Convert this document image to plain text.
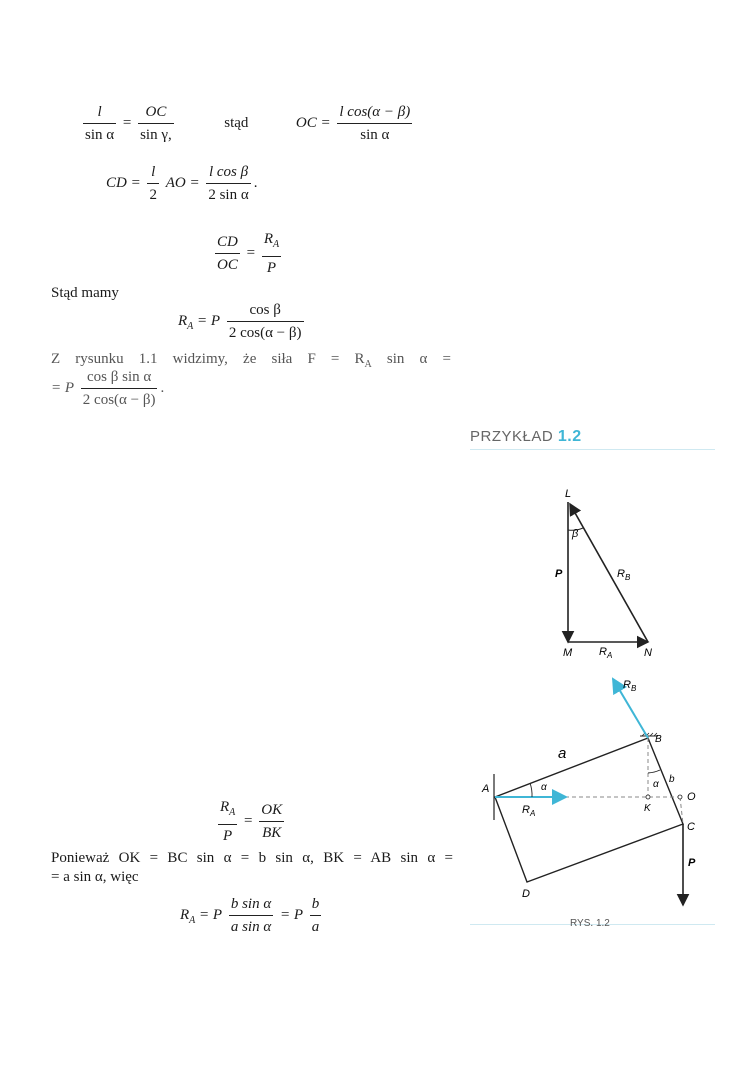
$\frac{l}{\text{sin α}} = \frac{OC}{\text{sin γ,}}$	stąd	OC = $\frac{\text{l cos(α − β)}}{\text{sin α}}$
CD = $\frac{l}{2}$ AO = $\frac{\text{l cos β}}{\text{2 sin α}}$ .
$\frac{CD}{OC} = \frac{R_A}{P}$
Stąd mamy
$R_A = P \frac{\text{cos β}}{2 \cos(\alpha - \beta)}$
Z rysunku 1.1 widzimy, że siła $F = R_A$ sin α =
= P $\frac{\text{cos β sin α}}{2 \cos(\alpha - \beta)}$ .
PRZYKŁAD 1.2
L
β
P	$R_B$
M $R_A$	N
A
B
C
D
K
O
P
$R_B$
$R_A$
α	α
a
b
RYS. 1.2
$\frac{R_A}{P} = \frac{OK}{BK}$
Ponieważ OK = BC sin α = b sin α, BK = AB sin α =
= a sin α, więc
$R_A = P \frac{\text{b sin α}}{\text{a sin α}} = P \frac{b}{a}$
